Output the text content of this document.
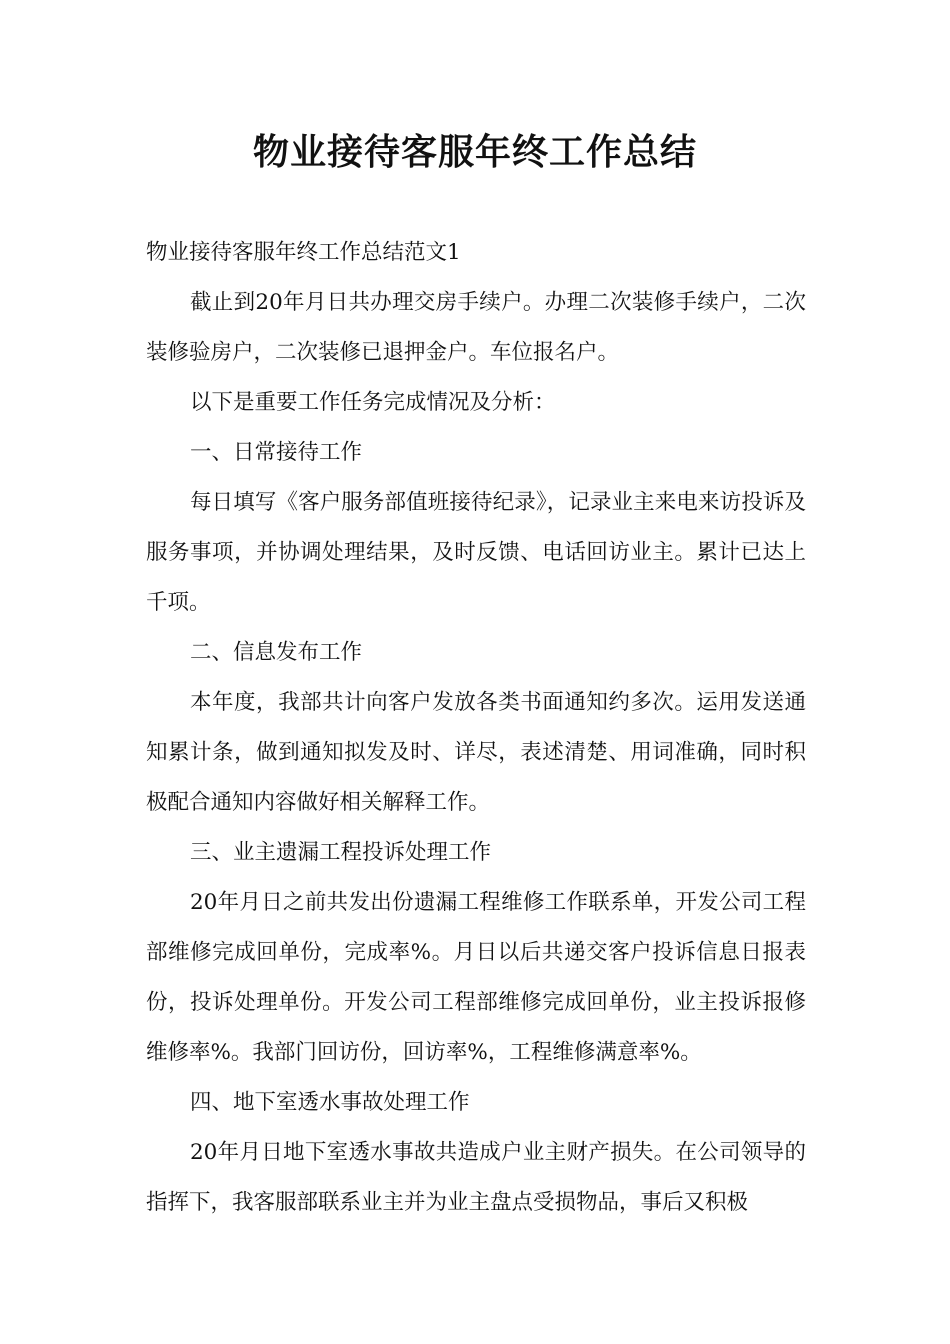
物业接待客服年终工作总结

物业接待客服年终工作总结范文1

截止到20年月日共办理交房手续户。办理二次装修手续户，二次装修验房户，二次装修已退押金户。车位报名户。

以下是重要工作任务完成情况及分析：

一、日常接待工作

每日填写《客户服务部值班接待纪录》，记录业主来电来访投诉及服务事项，并协调处理结果，及时反馈、电话回访业主。累计已达上千项。

二、信息发布工作

本年度，我部共计向客户发放各类书面通知约多次。运用发送通知累计条，做到通知拟发及时、详尽，表述清楚、用词准确，同时积极配合通知内容做好相关解释工作。

三、业主遗漏工程投诉处理工作

20年月日之前共发出份遗漏工程维修工作联系单，开发公司工程部维修完成回单份，完成率%。月日以后共递交客户投诉信息日报表份，投诉处理单份。开发公司工程部维修完成回单份，业主投诉报修维修率%。我部门回访份，回访率%，工程维修满意率%。

四、地下室透水事故处理工作

20年月日地下室透水事故共造成户业主财产损失。在公司领导的指挥下，我客服部联系业主并为业主盘点受损物品，事后又积极
